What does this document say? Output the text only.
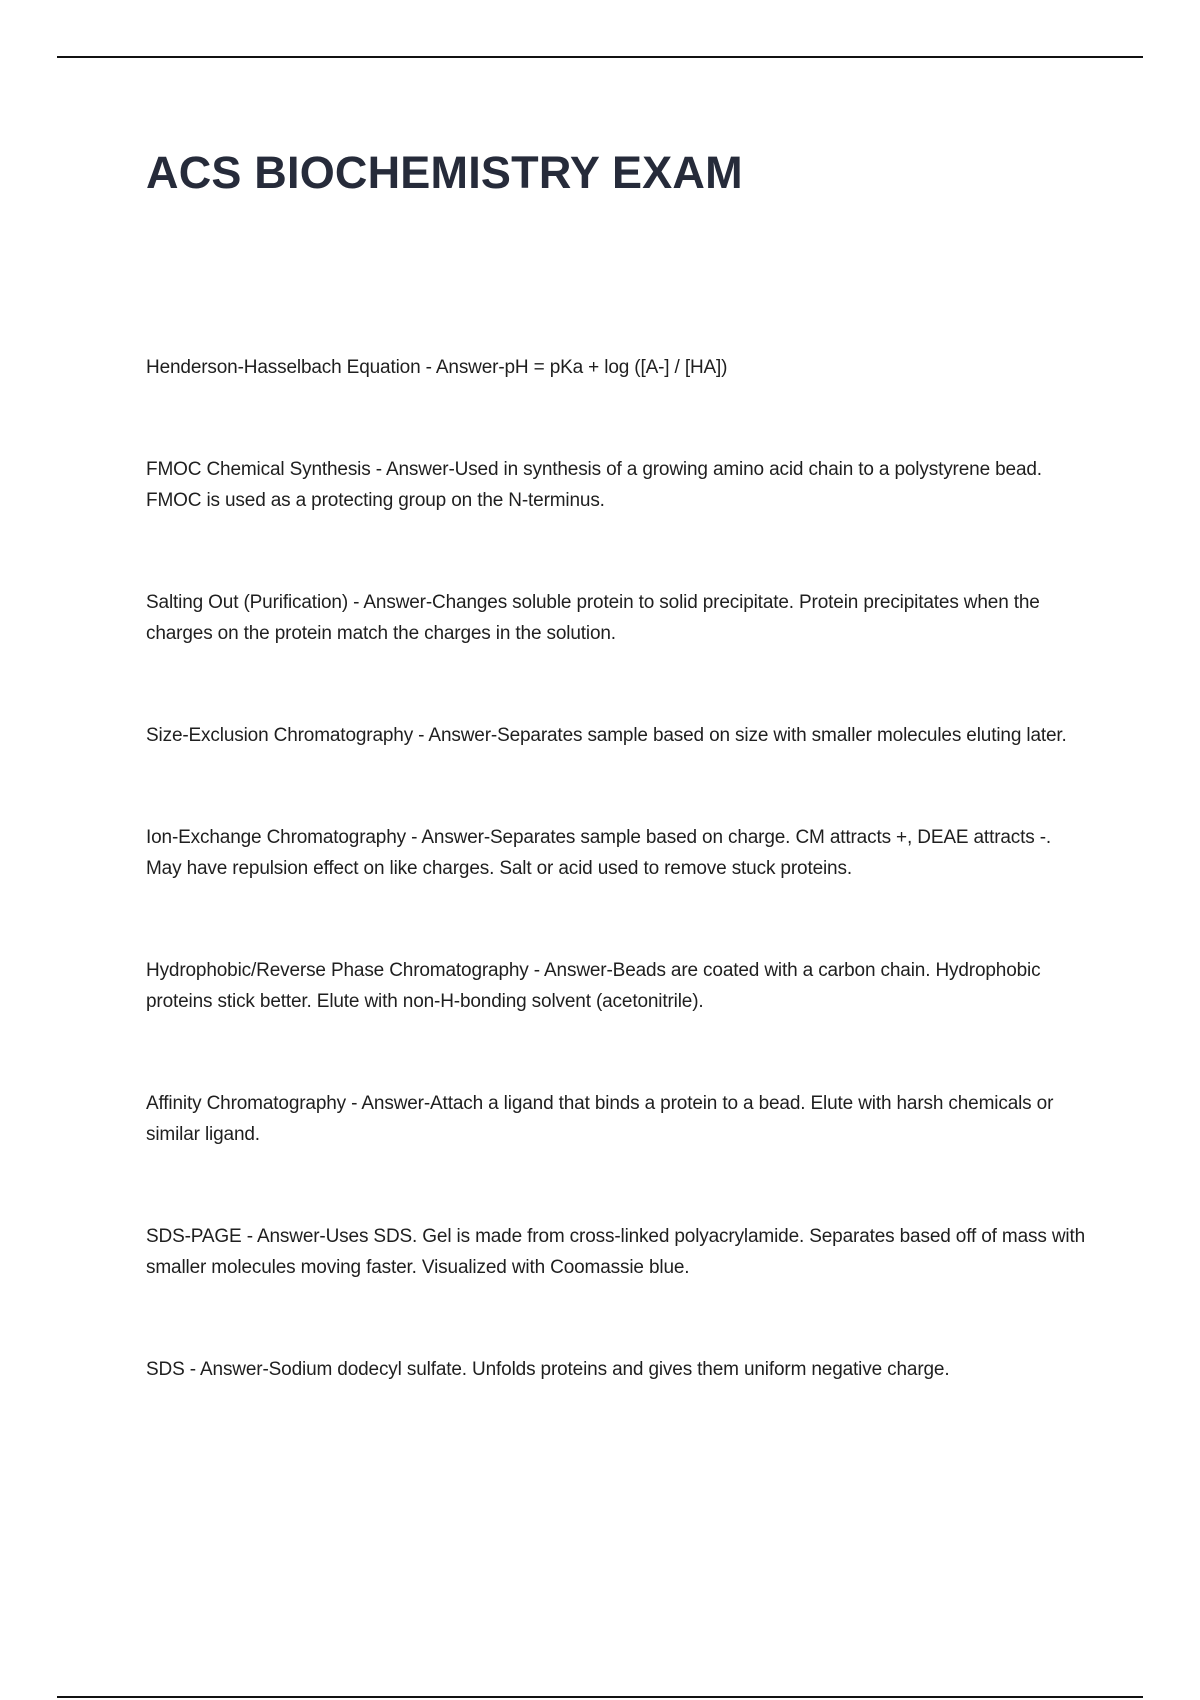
ACS BIOCHEMISTRY EXAM
Henderson-Hasselbach Equation - Answer-pH = pKa + log ([A-] / [HA])
FMOC Chemical Synthesis - Answer-Used in synthesis of a growing amino acid chain to a polystyrene bead. FMOC is used as a protecting group on the N-terminus.
Salting Out (Purification) - Answer-Changes soluble protein to solid precipitate. Protein precipitates when the charges on the protein match the charges in the solution.
Size-Exclusion Chromatography - Answer-Separates sample based on size with smaller molecules eluting later.
Ion-Exchange Chromatography - Answer-Separates sample based on charge. CM attracts +, DEAE attracts -. May have repulsion effect on like charges. Salt or acid used to remove stuck proteins.
Hydrophobic/Reverse Phase Chromatography - Answer-Beads are coated with a carbon chain. Hydrophobic proteins stick better. Elute with non-H-bonding solvent (acetonitrile).
Affinity Chromatography - Answer-Attach a ligand that binds a protein to a bead. Elute with harsh chemicals or similar ligand.
SDS-PAGE - Answer-Uses SDS. Gel is made from cross-linked polyacrylamide. Separates based off of mass with smaller molecules moving faster. Visualized with Coomassie blue.
SDS - Answer-Sodium dodecyl sulfate. Unfolds proteins and gives them uniform negative charge.
